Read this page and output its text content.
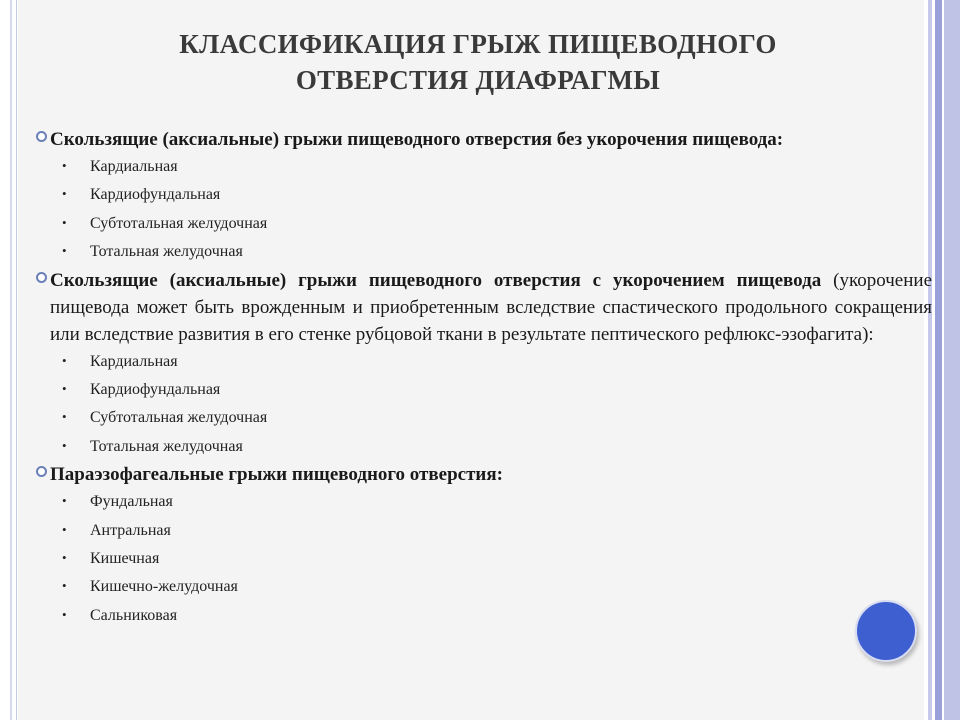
КЛАССИФИКАЦИЯ ГРЫЖ ПИЩЕВОДНОГО
ОТВЕРСТИЯ ДИАФРАГМЫ

Скользящие (аксиальные) грыжи пищеводного отверстия без укорочения пищевода:

• Кардиальная
• Кардиофундальная
• Субтотальная желудочная
• Тотальная желудочная

Скользящие (аксиальные) грыжи пищеводного отверстия с укорочением пищевода (укорочение пищевода может быть врожденным и приобретенным вследствие спастического продольного сокращения или вследствие развития в его стенке рубцовой ткани в результате пептического рефлюкс-эзофагита):

• Кардиальная
• Кардиофундальная
• Субтотальная желудочная
• Тотальная желудочная

Параэзофагеальные грыжи пищеводного отверстия:

• Фундальная
• Антральная
• Кишечная
• Кишечно-желудочная
• Сальниковая
